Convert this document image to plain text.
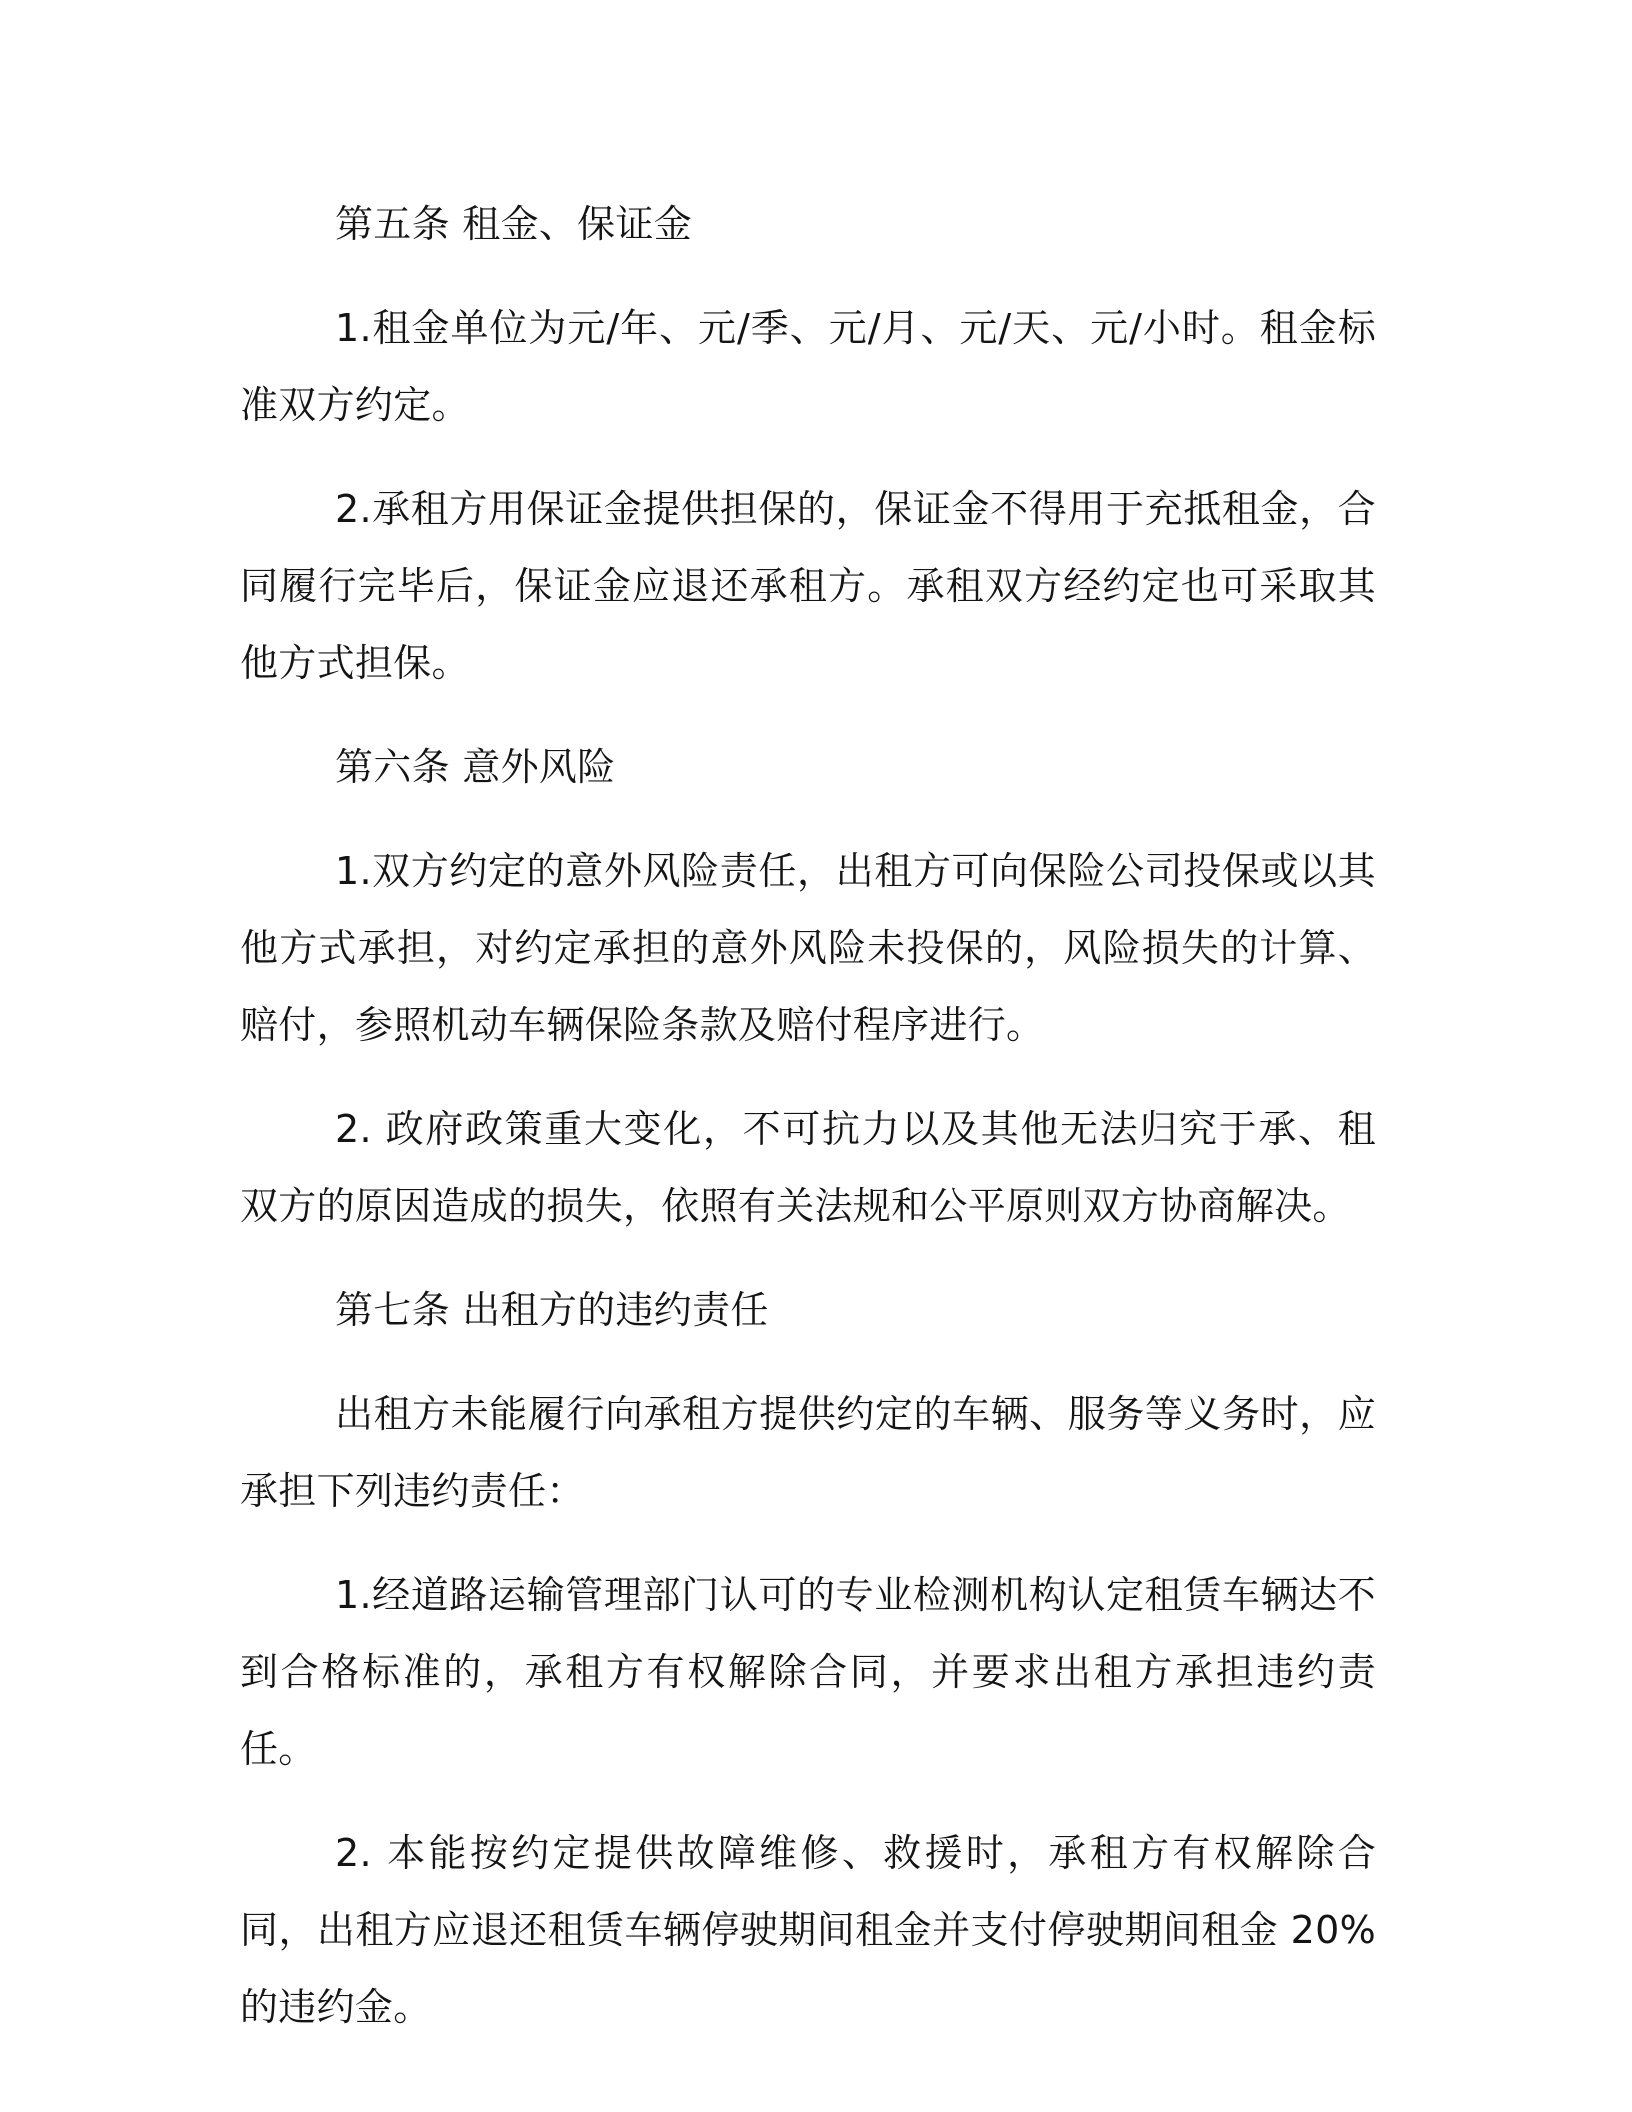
第五条 租金、保证金

1.租金单位为元/年、元/季、元/月、元/天、元/小时。租金标准双方约定。

2.承租方用保证金提供担保的，保证金不得用于充抵租金，合同履行完毕后，保证金应退还承租方。承租双方经约定也可采取其他方式担保。

第六条 意外风险

1.双方约定的意外风险责任，出租方可向保险公司投保或以其他方式承担，对约定承担的意外风险未投保的，风险损失的计算、赔付，参照机动车辆保险条款及赔付程序进行。

2. 政府政策重大变化，不可抗力以及其他无法归究于承、租双方的原因造成的损失，依照有关法规和公平原则双方协商解决。

第七条 出租方的违约责任

出租方未能履行向承租方提供约定的车辆、服务等义务时，应承担下列违约责任：

1.经道路运输管理部门认可的专业检测机构认定租赁车辆达不到合格标准的，承租方有权解除合同，并要求出租方承担违约责任。

2. 本能按约定提供故障维修、救援时，承租方有权解除合同，出租方应退还租赁车辆停驶期间租金并支付停驶期间租金 20%的违约金。
